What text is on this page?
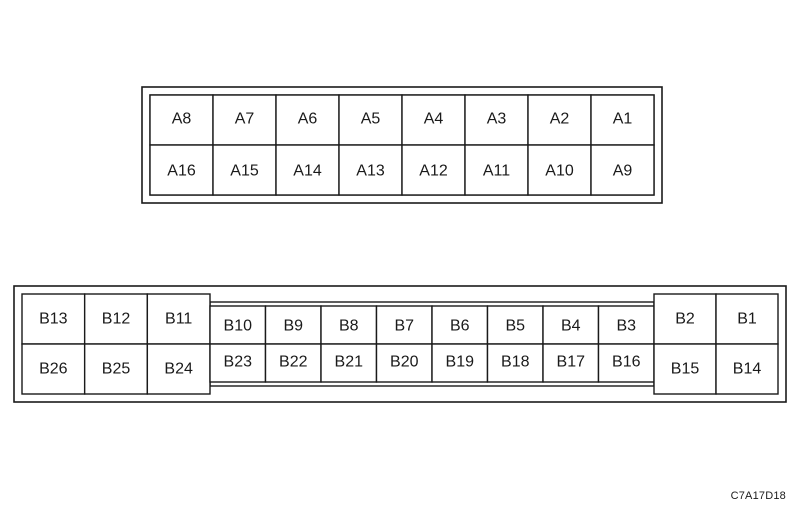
A8	A7	A6	A5	A4	A3	A2	A1
A16 A15 A14 A13 A12 A11 A10 A9
B13 B12 B11
B26 B25 B24
B10 B9 B8 B7 B6 B5 B4 B3
B23 B22 B21 B20 B19 B18 B17 B16
B2	B1
B15 B14
C7A17D18
